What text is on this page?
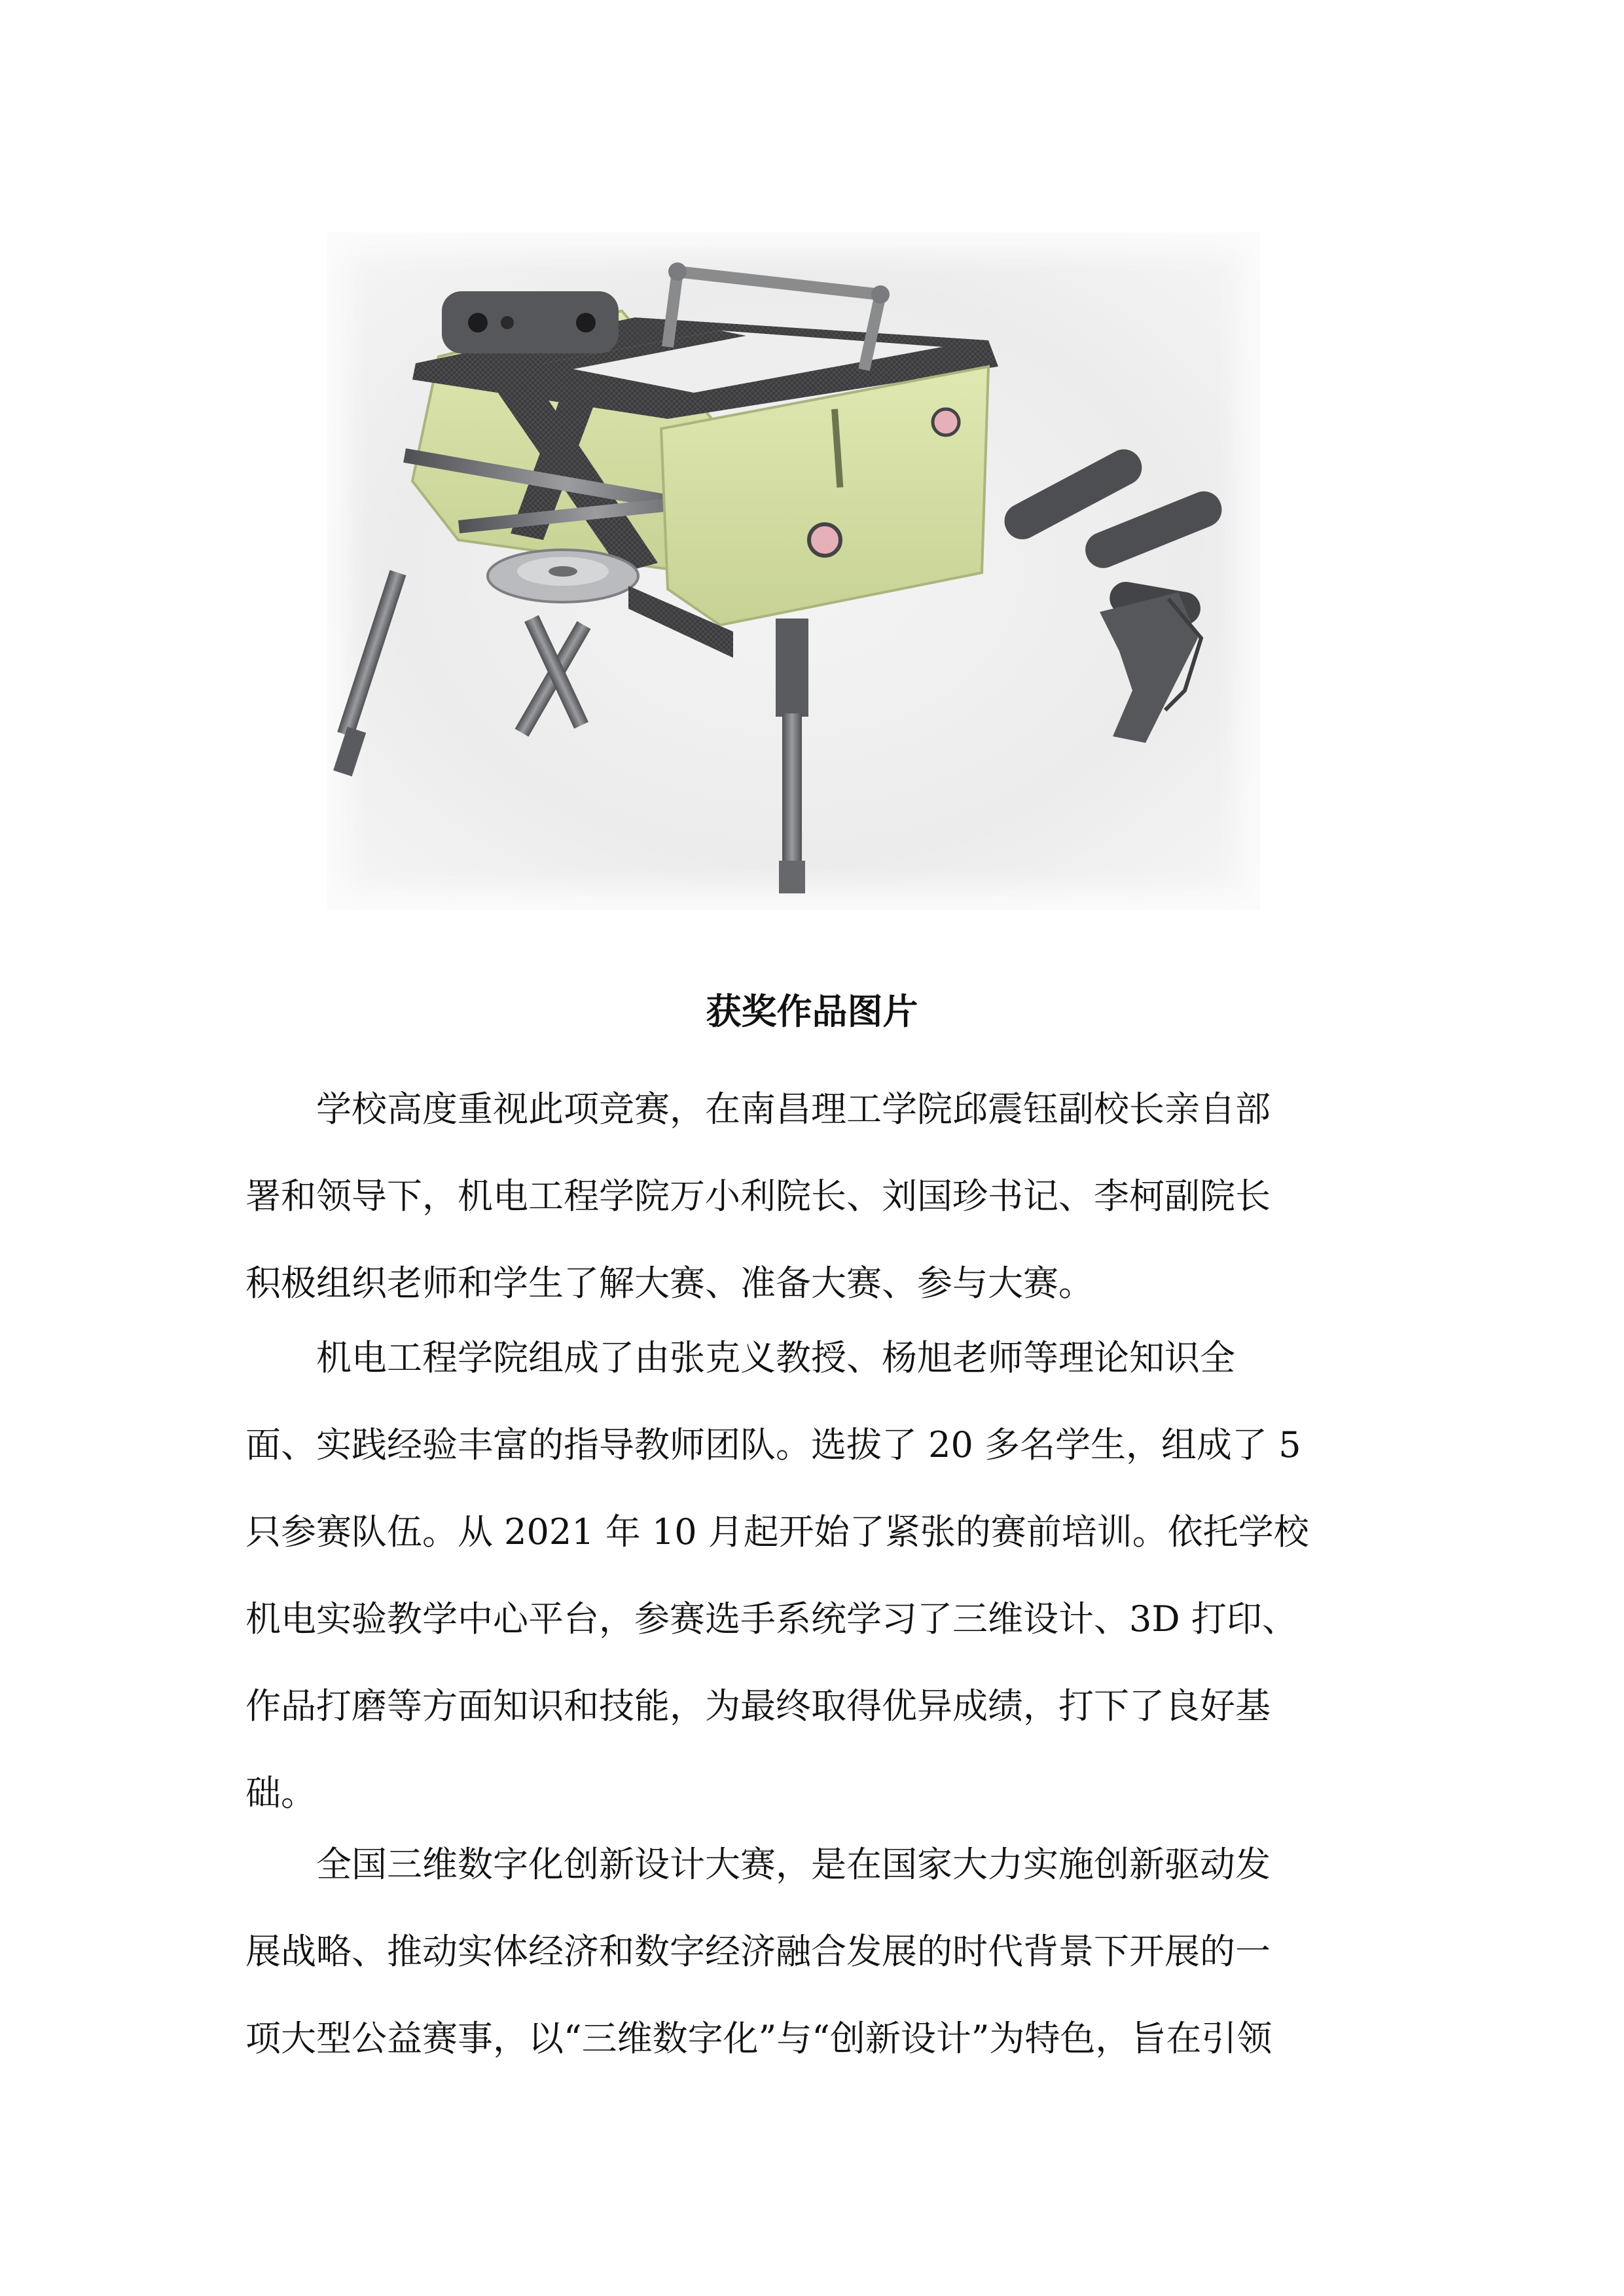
获奖作品图片

　　学校高度重视此项竞赛，在南昌理工学院邱震钰副校长亲自部
署和领导下，机电工程学院万小利院长、刘国珍书记、李柯副院长
积极组织老师和学生了解大赛、准备大赛、参与大赛。
　　机电工程学院组成了由张克义教授、杨旭老师等理论知识全
面、实践经验丰富的指导教师团队。选拔了 20 多名学生，组成了 5
只参赛队伍。从 2021 年 10 月起开始了紧张的赛前培训。依托学校
机电实验教学中心平台，参赛选手系统学习了三维设计、3D 打印、
作品打磨等方面知识和技能，为最终取得优异成绩，打下了良好基
础。
　　全国三维数字化创新设计大赛，是在国家大力实施创新驱动发
展战略、推动实体经济和数字经济融合发展的时代背景下开展的一
项大型公益赛事，以“三维数字化”与“创新设计”为特色，旨在引领
